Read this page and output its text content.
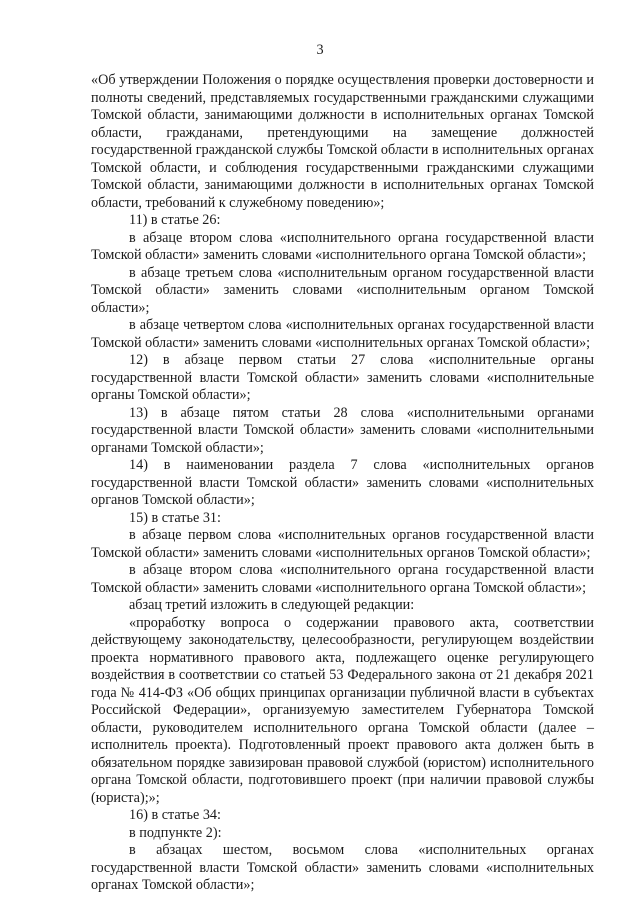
3

«Об утверждении Положения о порядке осуществления проверки достоверности и полноты сведений, представляемых государственными гражданскими служащими Томской области, занимающими должности в исполнительных органах Томской области, гражданами, претендующими на замещение должностей государственной гражданской службы Томской области в исполнительных органах Томской области, и соблюдения государственными гражданскими служащими Томской области, занимающими должности в исполнительных органах Томской области, требований к служебному поведению»;

11) в статье 26:

в абзаце втором слова «исполнительного органа государственной власти Томской области» заменить словами «исполнительного органа Томской области»;

в абзаце третьем слова «исполнительным органом государственной власти Томской области» заменить словами «исполнительным органом Томской области»;

в абзаце четвертом слова «исполнительных органах государственной власти Томской области» заменить словами «исполнительных органах Томской области»;

12) в абзаце первом статьи 27 слова «исполнительные органы государственной власти Томской области» заменить словами «исполнительные органы Томской области»;

13) в абзаце пятом статьи 28 слова «исполнительными органами государственной власти Томской области» заменить словами «исполнительными органами Томской области»;

14) в наименовании раздела 7 слова «исполнительных органов государственной власти Томской области» заменить словами «исполнительных органов Томской области»;

15) в статье 31:

в абзаце первом слова «исполнительных органов государственной власти Томской области» заменить словами «исполнительных органов Томской области»;

в абзаце втором слова «исполнительного органа государственной власти Томской области» заменить словами «исполнительного органа Томской области»;

абзац третий изложить в следующей редакции:

«проработку вопроса о содержании правового акта, соответствии действующему законодательству, целесообразности, регулирующем воздействии проекта нормативного правового акта, подлежащего оценке регулирующего воздействия в соответствии со статьей 53 Федерального закона от 21 декабря 2021 года № 414-ФЗ «Об общих принципах организации публичной власти в субъектах Российской Федерации», организуемую заместителем Губернатора Томской области, руководителем исполнительного органа Томской области (далее – исполнитель проекта). Подготовленный проект правового акта должен быть в обязательном порядке завизирован правовой службой (юристом) исполнительного органа Томской области, подготовившего проект (при наличии правовой службы (юриста);»;

16) в статье 34:

в подпункте 2):

в абзацах шестом, восьмом слова «исполнительных органах государственной власти Томской области» заменить словами «исполнительных органах Томской области»;
